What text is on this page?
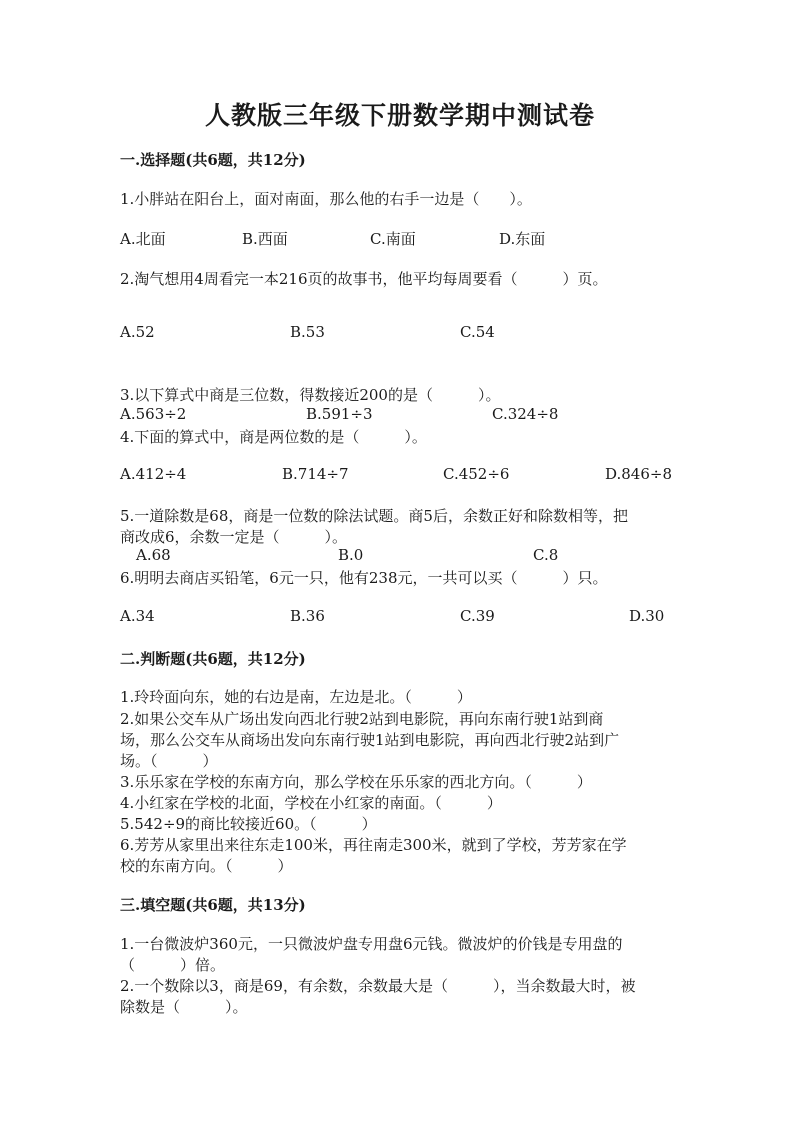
人教版三年级下册数学期中测试卷
一.选择题(共6题，共12分)
1.小胖站在阳台上，面对南面，那么他的右手一边是（　　）。
A.北面	B.西面	C.南面	D.东面
2.淘气想用4周看完一本216页的故事书，他平均每周要看（　　　）页。
A.52	B.53	C.54
3.以下算式中商是三位数，得数接近200的是（　　　）。
A.563÷2	B.591÷3	C.324÷8
4.下面的算式中，商是两位数的是（　　　）。
A.412÷4	B.714÷7	C.452÷6	D.846÷8
5.一道除数是68，商是一位数的除法试题。商5后，余数正好和除数相等，把
商改成6，余数一定是（　　　）。
A.68	B.0	C.8
6.明明去商店买铅笔，6元一只，他有238元，一共可以买（　　　）只。
A.34	B.36	C.39	D.30
二.判断题(共6题，共12分)
1.玲玲面向东，她的右边是南，左边是北。（　　　）
2.如果公交车从广场出发向西北行驶2站到电影院，再向东南行驶1站到商
场，那么公交车从商场出发向东南行驶1站到电影院，再向西北行驶2站到广
场。（　　　）
3.乐乐家在学校的东南方向，那么学校在乐乐家的西北方向。（　　　）
4.小红家在学校的北面，学校在小红家的南面。（　　　）
5.542÷9的商比较接近60。（　　　）
6.芳芳从家里出来往东走100米，再往南走300米，就到了学校，芳芳家在学
校的东南方向。（　　　）
三.填空题(共6题，共13分)
1.一台微波炉360元，一只微波炉盘专用盘6元钱。微波炉的价钱是专用盘的
（　　　）倍。
2.一个数除以3，商是69，有余数，余数最大是（　　　），当余数最大时，被
除数是（　　　）。
